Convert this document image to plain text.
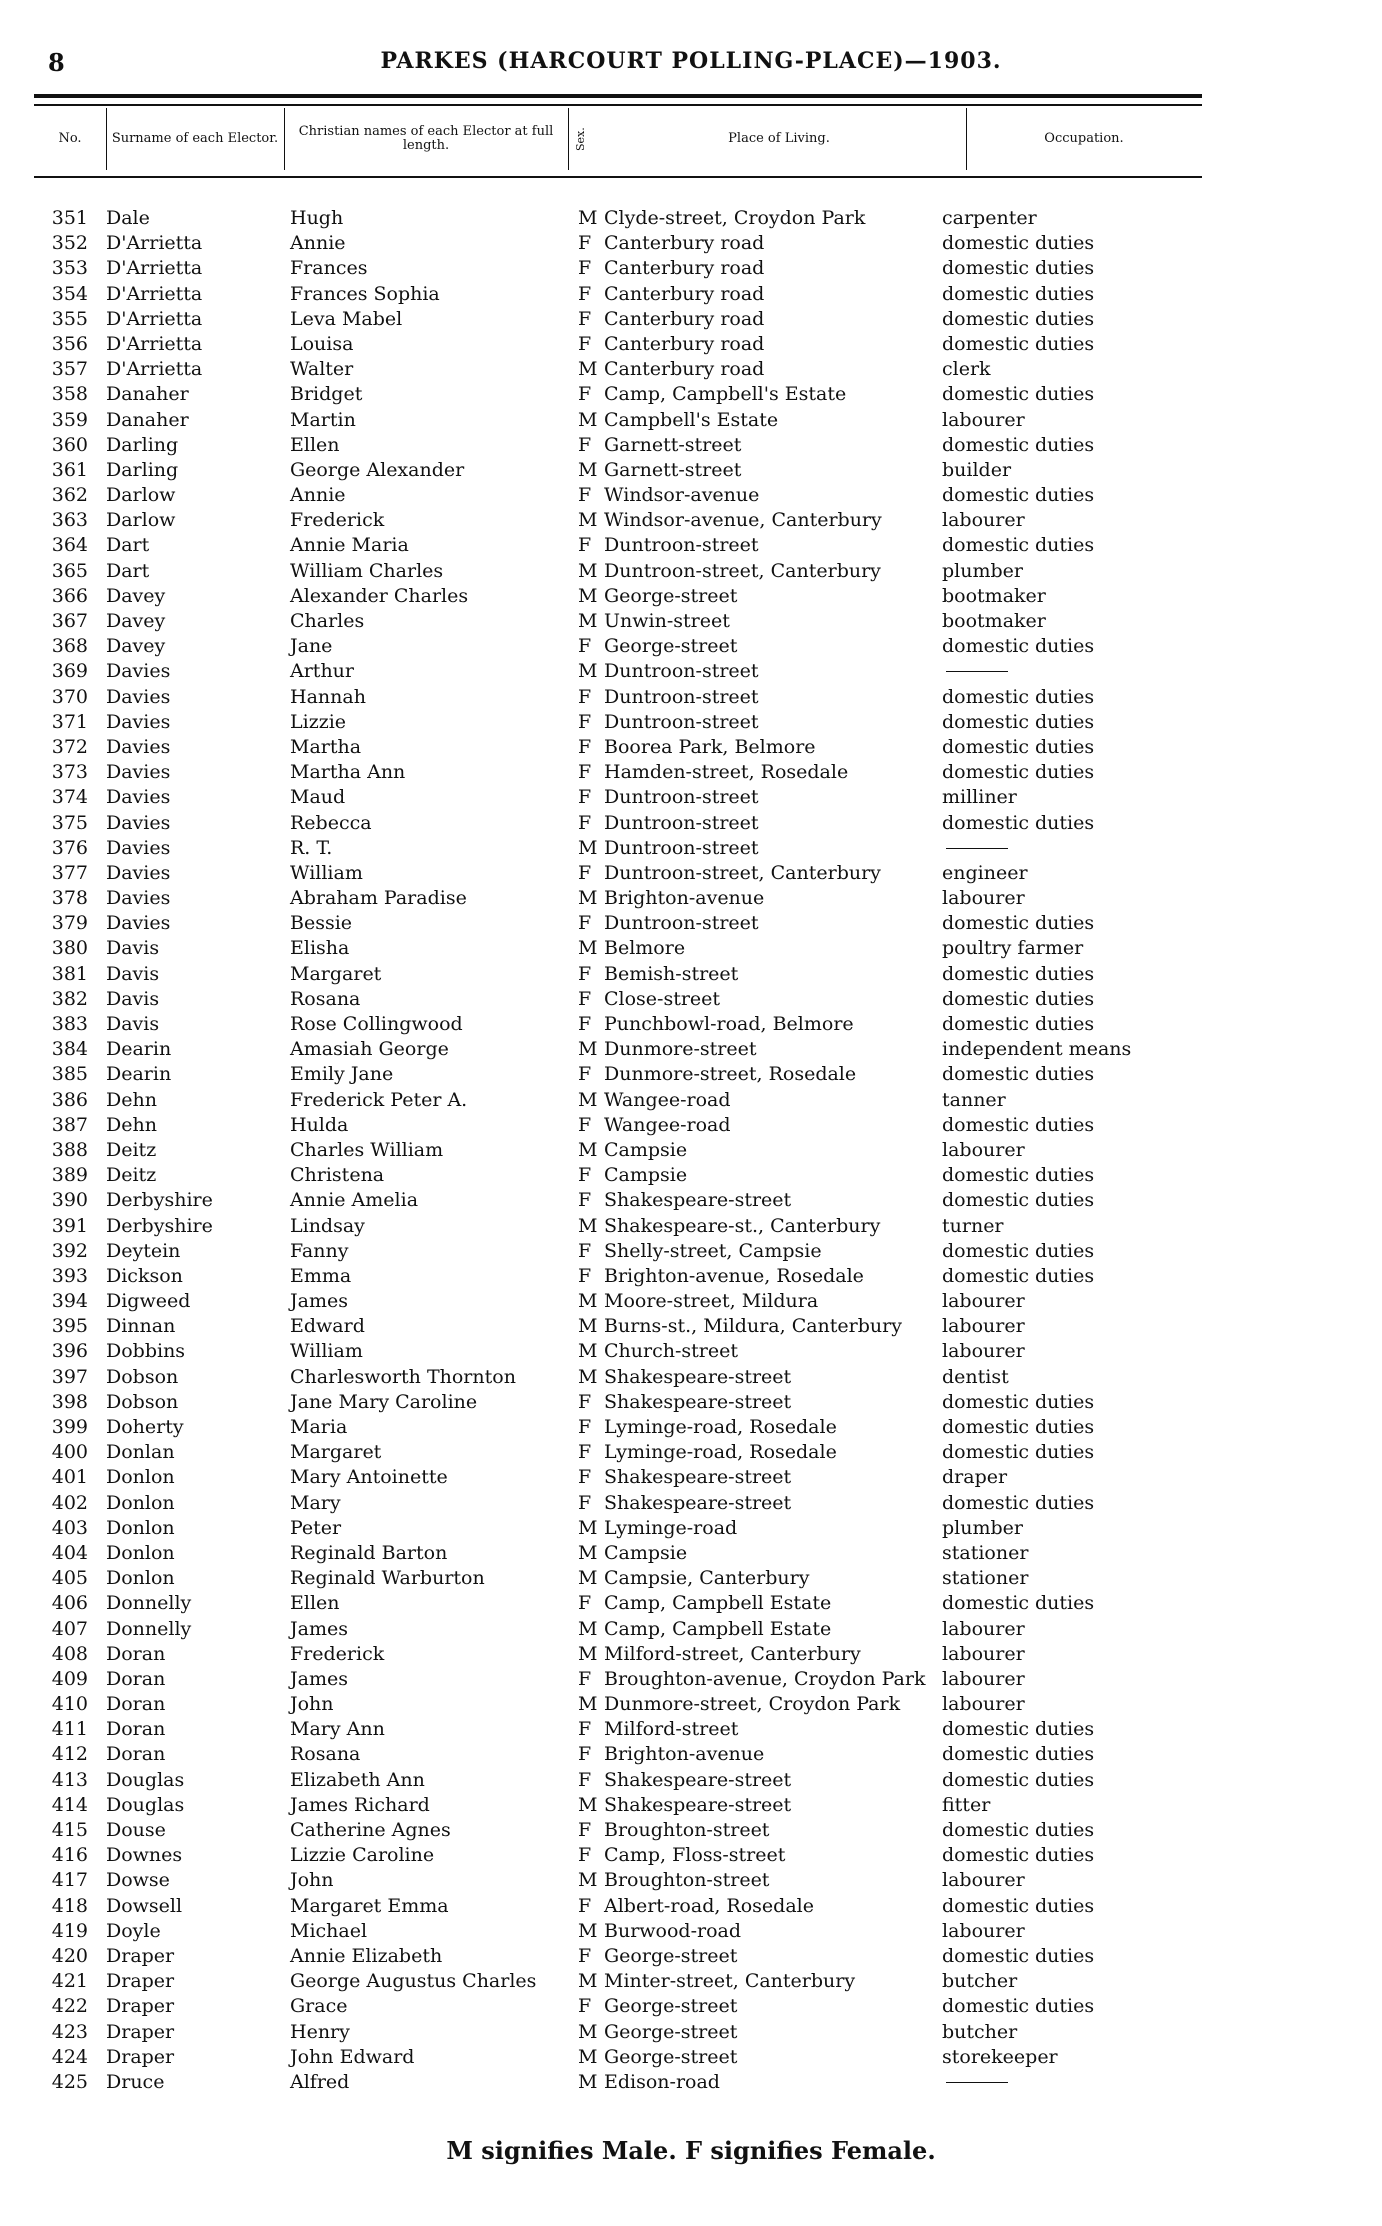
8	PARKES (HARCOURT POLLING-PLACE)—1903.
No.	Surname of each Elector.	Christian names of each Elector at full length.	Sex.	Place of Living.	Occupation.
351 Dale	Hugh	M Clyde-street, Croydon Park	carpenter
352 D'Arrietta	Annie	F Canterbury road	domestic duties
353 D'Arrietta	Frances	F Canterbury road	domestic duties
354 D'Arrietta	Frances Sophia	F Canterbury road	domestic duties
355 D'Arrietta	Leva Mabel	F Canterbury road	domestic duties
356 D'Arrietta	Louisa	F Canterbury road	domestic duties
357 D'Arrietta	Walter	M Canterbury road	clerk
358 Danaher	Bridget	F Camp, Campbell's Estate	domestic duties
359 Danaher	Martin	M Campbell's Estate	labourer
360 Darling	Ellen	F Garnett-street	domestic duties
361 Darling	George Alexander	M Garnett-street	builder
362 Darlow	Annie	F Windsor-avenue	domestic duties
363 Darlow	Frederick	M Windsor-avenue, Canterbury	labourer
364 Dart	Annie Maria	F Duntroon-street	domestic duties
365 Dart	William Charles	M Duntroon-street, Canterbury	plumber
366 Davey	Alexander Charles	M George-street	bootmaker
367 Davey	Charles	M Unwin-street	bootmaker
368 Davey	Jane	F George-street	domestic duties
369 Davies	Arthur	M Duntroon-street
370 Davies	Hannah	F Duntroon-street	domestic duties
371 Davies	Lizzie	F Duntroon-street	domestic duties
372 Davies	Martha	F Boorea Park, Belmore	domestic duties
373 Davies	Martha Ann	F Hamden-street, Rosedale	domestic duties
374 Davies	Maud	F Duntroon-street	milliner
375 Davies	Rebecca	F Duntroon-street	domestic duties
376 Davies	R. T.	M Duntroon-street
377 Davies	William	F Duntroon-street, Canterbury	engineer
378 Davies	Abraham Paradise	M Brighton-avenue	labourer
379 Davies	Bessie	F Duntroon-street	domestic duties
380 Davis	Elisha	M Belmore	poultry farmer
381 Davis	Margaret	F Bemish-street	domestic duties
382 Davis	Rosana	F Close-street	domestic duties
383 Davis	Rose Collingwood	F Punchbowl-road, Belmore	domestic duties
384 Dearin	Amasiah George	M Dunmore-street	independent means
385 Dearin	Emily Jane	F Dunmore-street, Rosedale	domestic duties
386 Dehn	Frederick Peter A.	M Wangee-road	tanner
387 Dehn	Hulda	F Wangee-road	domestic duties
388 Deitz	Charles William	M Campsie	labourer
389 Deitz	Christena	F Campsie	domestic duties
390 Derbyshire	Annie Amelia	F Shakespeare-street	domestic duties
391 Derbyshire	Lindsay	M Shakespeare-st., Canterbury	turner
392 Deytein	Fanny	F Shelly-street, Campsie	domestic duties
393 Dickson	Emma	F Brighton-avenue, Rosedale	domestic duties
394 Digweed	James	M Moore-street, Mildura	labourer
395 Dinnan	Edward	M Burns-st., Mildura, Canterbury labourer
396 Dobbins	William	M Church-street	labourer
397 Dobson	Charlesworth Thornton	M Shakespeare-street	dentist
398 Dobson	Jane Mary Caroline	F Shakespeare-street	domestic duties
399 Doherty	Maria	F Lyminge-road, Rosedale	domestic duties
400 Donlan	Margaret	F Lyminge-road, Rosedale	domestic duties
401 Donlon	Mary Antoinette	F Shakespeare-street	draper
402 Donlon	Mary	F Shakespeare-street	domestic duties
403 Donlon	Peter	M Lyminge-road	plumber
404 Donlon	Reginald Barton	M Campsie	stationer
405 Donlon	Reginald Warburton	M Campsie, Canterbury	stationer
406 Donnelly	Ellen	F Camp, Campbell Estate	domestic duties
407 Donnelly	James	M Camp, Campbell Estate	labourer
408 Doran	Frederick	M Milford-street, Canterbury	labourer
409 Doran	James	F Broughton-avenue, Croydon Park labourer
410 Doran	John	M Dunmore-street, Croydon Park labourer
411 Doran	Mary Ann	F Milford-street	domestic duties
412 Doran	Rosana	F Brighton-avenue	domestic duties
413 Douglas	Elizabeth Ann	F Shakespeare-street	domestic duties
414 Douglas	James Richard	M Shakespeare-street	fitter
415 Douse	Catherine Agnes	F Broughton-street	domestic duties
416 Downes	Lizzie Caroline	F Camp, Floss-street	domestic duties
417 Dowse	John	M Broughton-street	labourer
418 Dowsell	Margaret Emma	F Albert-road, Rosedale	domestic duties
419 Doyle	Michael	M Burwood-road	labourer
420 Draper	Annie Elizabeth	F George-street	domestic duties
421 Draper	George Augustus Charles M Minter-street, Canterbury	butcher
422 Draper	Grace	F George-street	domestic duties
423 Draper	Henry	M George-street	butcher
424 Draper	John Edward	M George-street	storekeeper
425 Druce	Alfred	M Edison-road
M signifies Male. F signifies Female.
